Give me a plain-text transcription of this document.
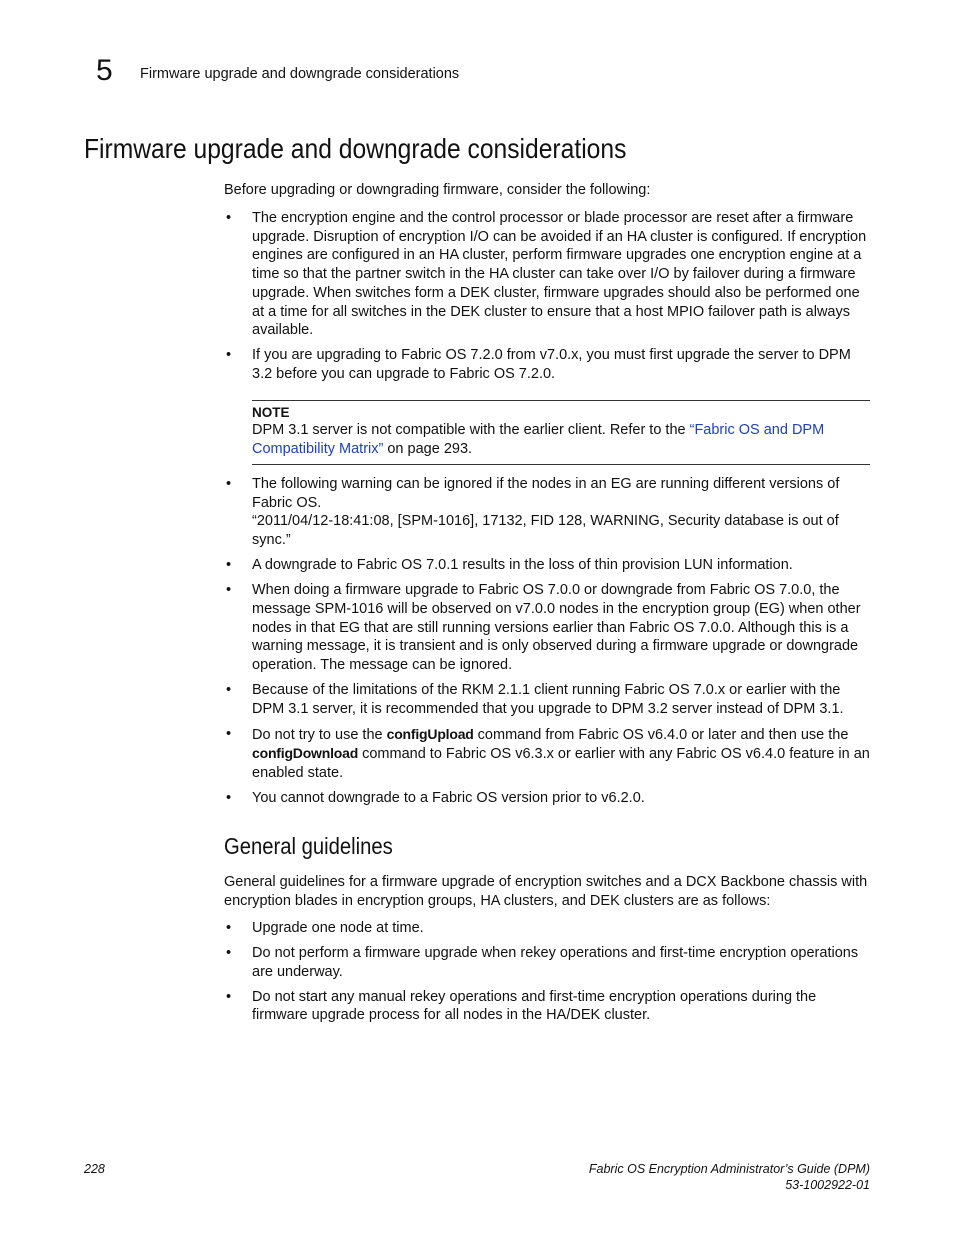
5 Firmware upgrade and downgrade considerations
Firmware upgrade and downgrade considerations
Before upgrading or downgrading firmware, consider the following:
• The encryption engine and the control processor or blade processor are reset after a firmware upgrade. Disruption of encryption I/O can be avoided if an HA cluster is configured. If encryption engines are configured in an HA cluster, perform firmware upgrades one encryption engine at a time so that the partner switch in the HA cluster can take over I/O by failover during a firmware upgrade. When switches form a DEK cluster, firmware upgrades should also be performed one at a time for all switches in the DEK cluster to ensure that a host MPIO failover path is always available.
• If you are upgrading to Fabric OS 7.2.0 from v7.0.x, you must first upgrade the server to DPM 3.2 before you can upgrade to Fabric OS 7.2.0.
NOTE
DPM 3.1 server is not compatible with the earlier client. Refer to the “Fabric OS and DPM Compatibility Matrix” on page 293.
• The following warning can be ignored if the nodes in an EG are running different versions of Fabric OS.
“2011/04/12-18:41:08, [SPM-1016], 17132, FID 128, WARNING, Security database is out of sync.”
• A downgrade to Fabric OS 7.0.1 results in the loss of thin provision LUN information.
• When doing a firmware upgrade to Fabric OS 7.0.0 or downgrade from Fabric OS 7.0.0, the message SPM-1016 will be observed on v7.0.0 nodes in the encryption group (EG) when other nodes in that EG that are still running versions earlier than Fabric OS 7.0.0. Although this is a warning message, it is transient and is only observed during a firmware upgrade or downgrade operation. The message can be ignored.
• Because of the limitations of the RKM 2.1.1 client running Fabric OS 7.0.x or earlier with the DPM 3.1 server, it is recommended that you upgrade to DPM 3.2 server instead of DPM 3.1.
• Do not try to use the configUpload command from Fabric OS v6.4.0 or later and then use the configDownload command to Fabric OS v6.3.x or earlier with any Fabric OS v6.4.0 feature in an enabled state.
• You cannot downgrade to a Fabric OS version prior to v6.2.0.
General guidelines
General guidelines for a firmware upgrade of encryption switches and a DCX Backbone chassis with encryption blades in encryption groups, HA clusters, and DEK clusters are as follows:
• Upgrade one node at time.
• Do not perform a firmware upgrade when rekey operations and first-time encryption operations are underway.
• Do not start any manual rekey operations and first-time encryption operations during the firmware upgrade process for all nodes in the HA/DEK cluster.
228	Fabric OS Encryption Administrator’s Guide (DPM)
53-1002922-01
